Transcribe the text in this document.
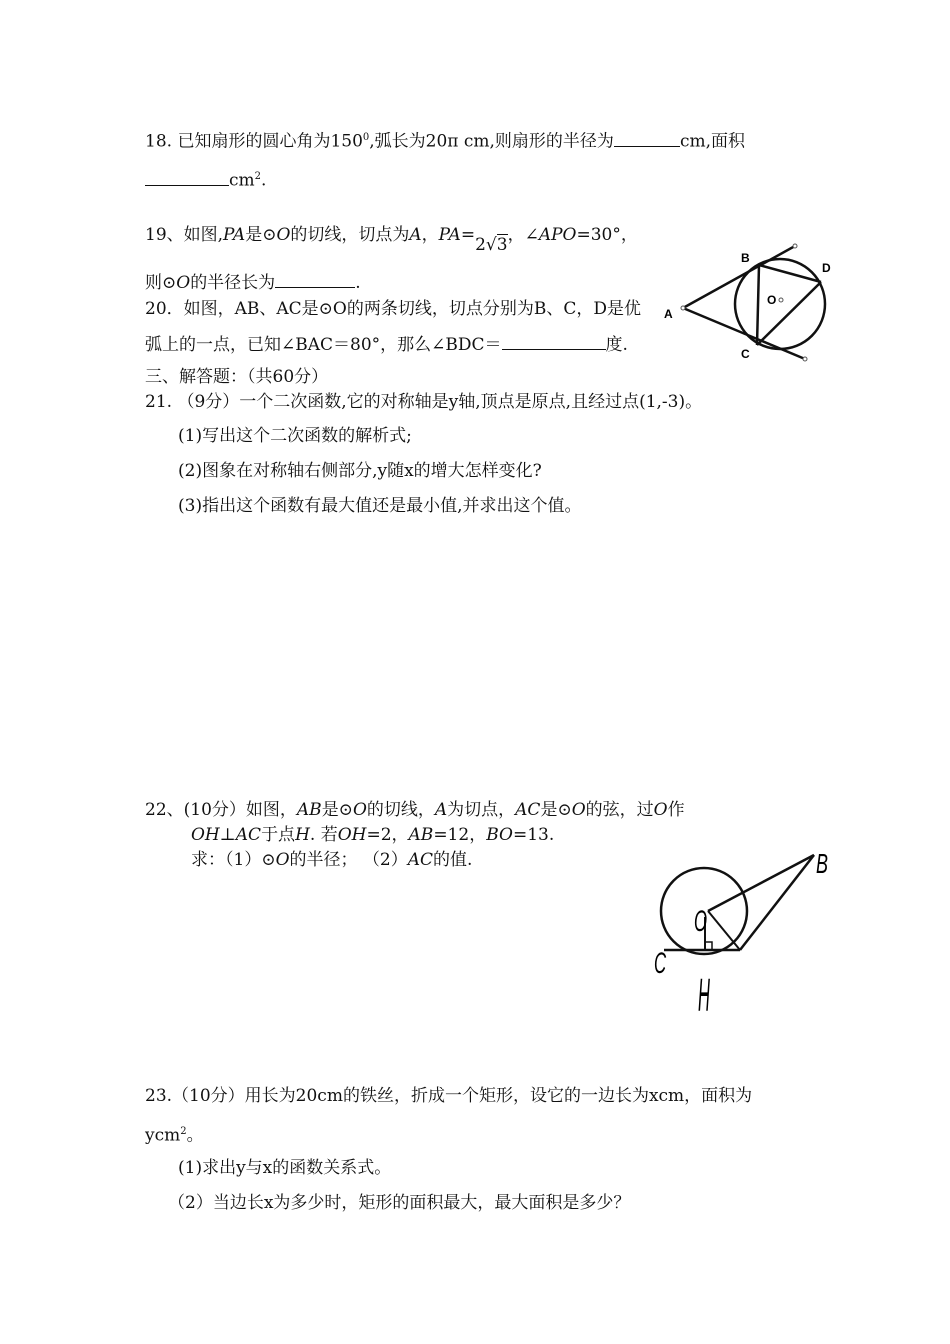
18. 已知扇形的圆心角为$150^0$,弧长为20π cm,则扇形的半径为	cm,面积
$cm^2$.
19、如图,PA是⊙O的切线，切点为A，PA=2√3，∠APO=30°，
则⊙O的半径长为	.
20．如图，AB、AC是⊙O的两条切线，切点分别为B、C，D是优
弧上的一点，已知∠BAC＝80°，那么∠BDC＝	度.
A
B
C
D
O
三、解答题：（共60分）
21. （9分）一个二次函数,它的对称轴是y轴,顶点是原点,且经过点(1,-3)。
(1)写出这个二次函数的解析式;
(2)图象在对称轴右侧部分,y随x的增大怎样变化?
(3)指出这个函数有最大值还是最小值,并求出这个值。
22、(10分）如图，AB是⊙O的切线，A为切点，AC是⊙O的弦，过O作
OH⊥AC于点H. 若OH=2，AB=12，BO=13.
求：（1）⊙O的半径； （2）AC的值.	B
O
C
H
23.（10分）用长为20cm的铁丝，折成一个矩形，设它的一边长为xcm，面积为
ycm$^2$。
(1)求出y与x的函数关系式。
（2）当边长x为多少时，矩形的面积最大，最大面积是多少？
